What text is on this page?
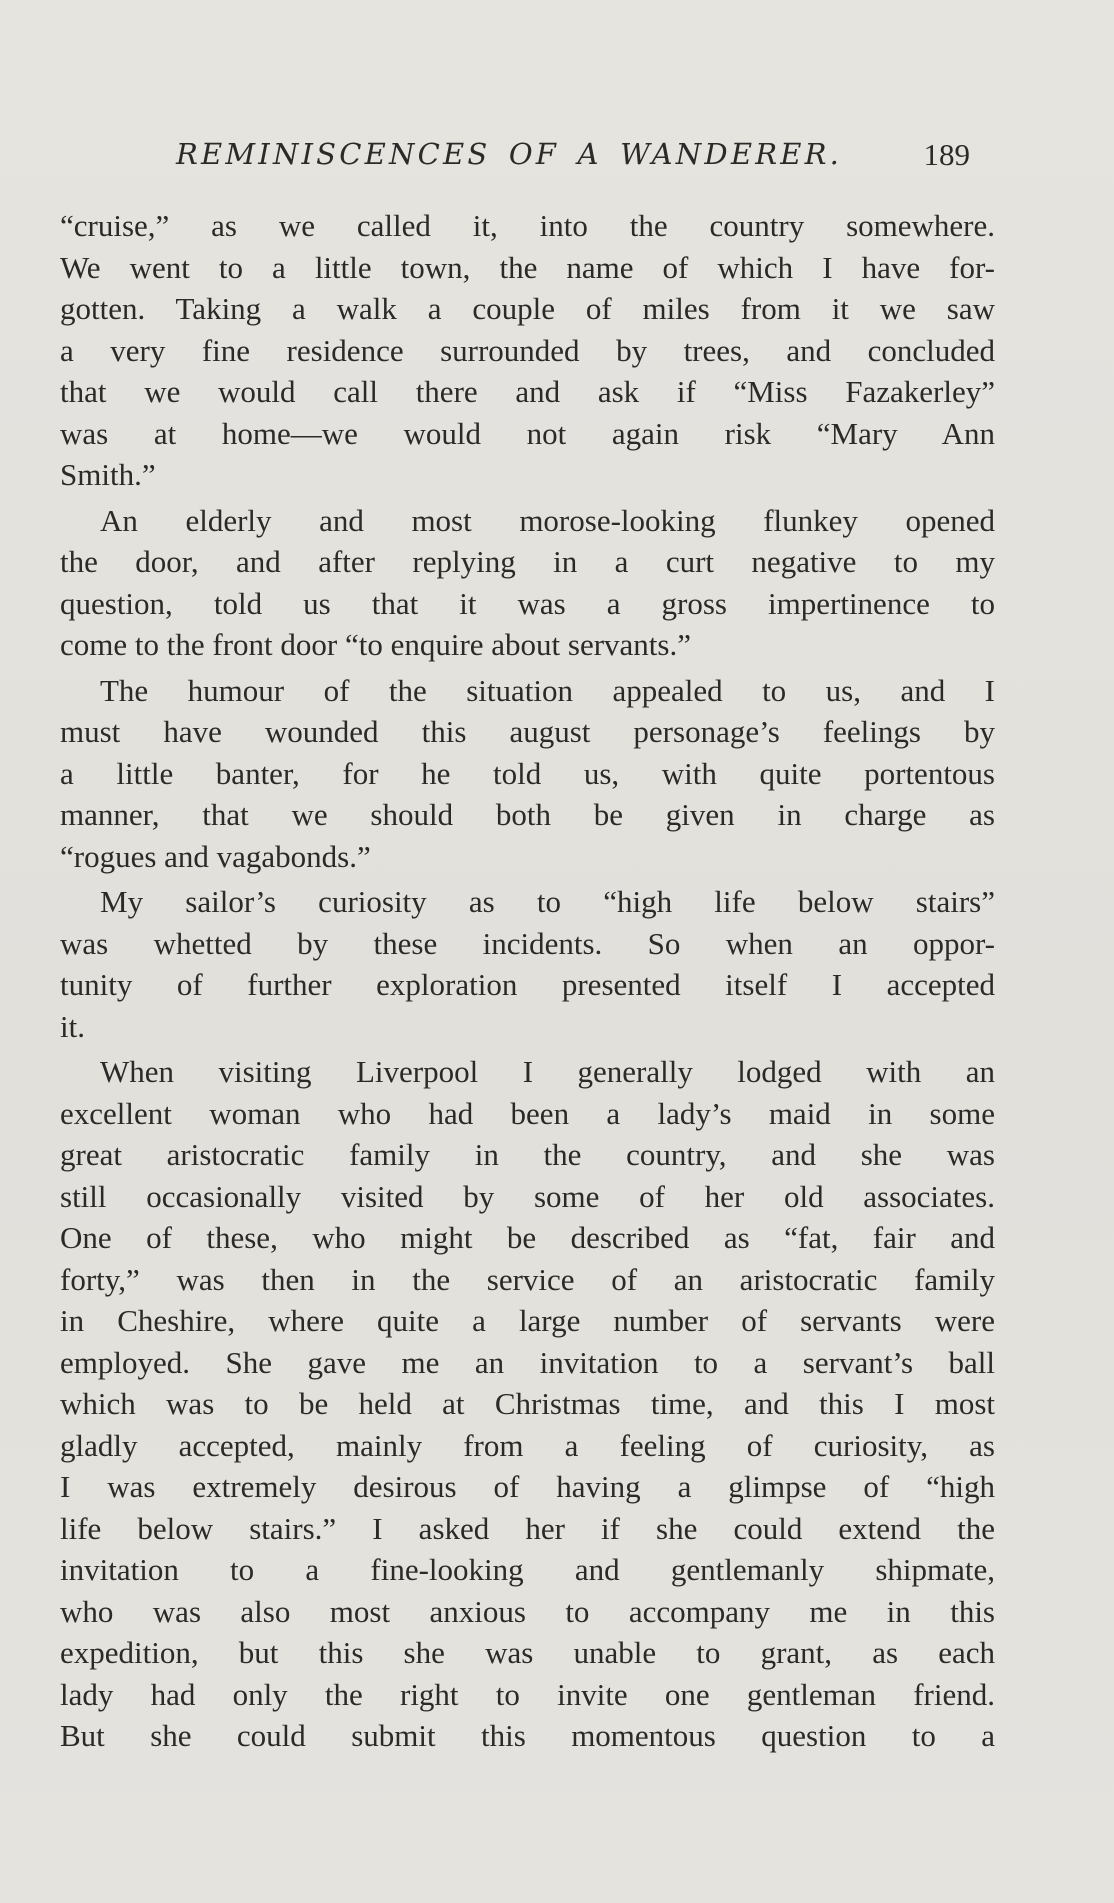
REMINISCENCES OF A WANDERER.	189
“cruise,” as we called it, into the country somewhere.
We went to a little town, the name of which I have for-
gotten. Taking a walk a couple of miles from it we saw
a very fine residence surrounded by trees, and concluded
that we would call there and ask if “Miss Fazakerley”
was at home—we would not again risk “Mary Ann
Smith.”
An elderly and most morose-looking flunkey opened
the door, and after replying in a curt negative to my
question, told us that it was a gross impertinence to
come to the front door “to enquire about servants.”
The humour of the situation appealed to us, and I
must have wounded this august personage’s feelings by
a little banter, for he told us, with quite portentous
manner, that we should both be given in charge as
“rogues and vagabonds.”
My sailor’s curiosity as to “high life below stairs”
was whetted by these incidents. So when an oppor-
tunity of further exploration presented itself I accepted
it.
When visiting Liverpool I generally lodged with an
excellent woman who had been a lady’s maid in some
great aristocratic family in the country, and she was
still occasionally visited by some of her old associates.
One of these, who might be described as “fat, fair and
forty,” was then in the service of an aristocratic family
in Cheshire, where quite a large number of servants were
employed. She gave me an invitation to a servant’s ball
which was to be held at Christmas time, and this I most
gladly accepted, mainly from a feeling of curiosity, as
I was extremely desirous of having a glimpse of “high
life below stairs.” I asked her if she could extend the
invitation to a fine-looking and gentlemanly shipmate,
who was also most anxious to accompany me in this
expedition, but this she was unable to grant, as each
lady had only the right to invite one gentleman friend.
But she could submit this momentous question to a
